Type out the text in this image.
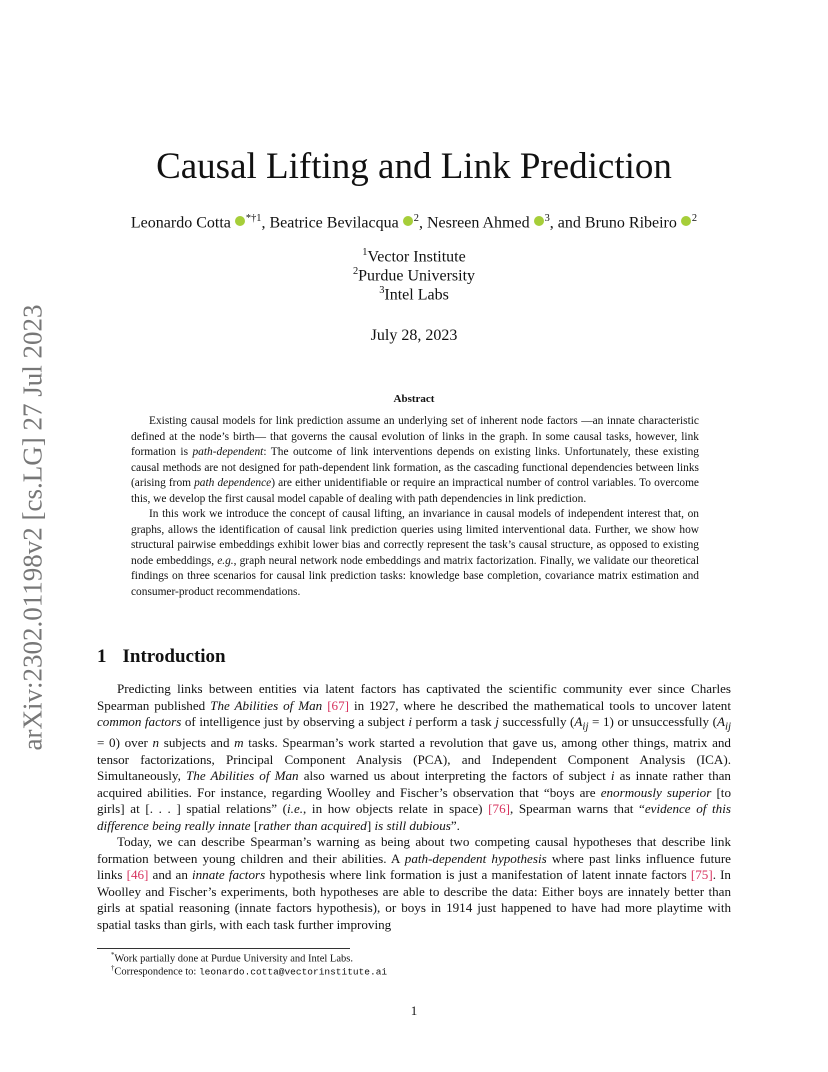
arXiv:2302.01198v2 [cs.LG] 27 Jul 2023
Causal Lifting and Link Prediction
Leonardo Cotta $^{*\dagger 1}$, Beatrice Bevilacqua $^2$, Nesreen Ahmed $^3$, and Bruno Ribeiro $^2$
$^1$Vector Institute
$^2$Purdue University
$^3$Intel Labs
July 28, 2023
Abstract

Existing causal models for link prediction assume an underlying set of inherent node factors —an innate characteristic defined at the node’s birth— that governs the causal evolution of links in the graph. In some causal tasks, however, link formation is path-dependent: The outcome of link interventions depends on existing links. Unfortunately, these existing causal methods are not designed for path-dependent link formation, as the cascading functional dependencies between links (arising from path dependence) are either unidentifiable or require an impractical number of control variables. To overcome this, we develop the first causal model capable of dealing with path dependencies in link prediction.

In this work we introduce the concept of causal lifting, an invariance in causal models of independent interest that, on graphs, allows the identification of causal link prediction queries using limited interventional data. Further, we show how structural pairwise embeddings exhibit lower bias and correctly represent the task’s causal structure, as opposed to existing node embeddings, e.g., graph neural network node embeddings and matrix factorization. Finally, we validate our theoretical findings on three scenarios for causal link prediction tasks: knowledge base completion, covariance matrix estimation and consumer-product recommendations.

1 Introduction

Predicting links between entities via latent factors has captivated the scientific community ever since Charles Spearman published The Abilities of Man [67] in 1927, where he described the mathematical tools to uncover latent common factors of intelligence just by observing a subject i perform a task j successfully $(A_{ij} = 1)$ or unsuccessfully $(A_{ij} = 0)$ over n subjects and m tasks. Spearman’s work started a revolution that gave us, among other things, matrix and tensor factorizations, Principal Component Analysis (PCA), and Independent Component Analysis (ICA). Simultaneously, The Abilities of Man also warned us about interpreting the factors of subject i as innate rather than acquired abilities. For instance, regarding Woolley and Fischer’s observation that “boys are enormously superior [to girls] at [. . . ] spatial relations” (i.e., in how objects relate in space) [76], Spearman warns that “evidence of this difference being really innate [rather than acquired] is still dubious”.

Today, we can describe Spearman’s warning as being about two competing causal hypotheses that describe link formation between young children and their abilities. A path-dependent hypothesis where past links influence future links [46] and an innate factors hypothesis where link formation is just a manifestation of latent innate factors [75]. In Woolley and Fischer’s experiments, both hypotheses are able to describe the data: Either boys are innately better than girls at spatial reasoning (innate factors hypothesis), or boys in 1914 just happened to have had more playtime with spatial tasks than girls, with each task further improving

*Work partially done at Purdue University and Intel Labs.
†Correspondence to: leonardo.cotta@vectorinstitute.ai
1
